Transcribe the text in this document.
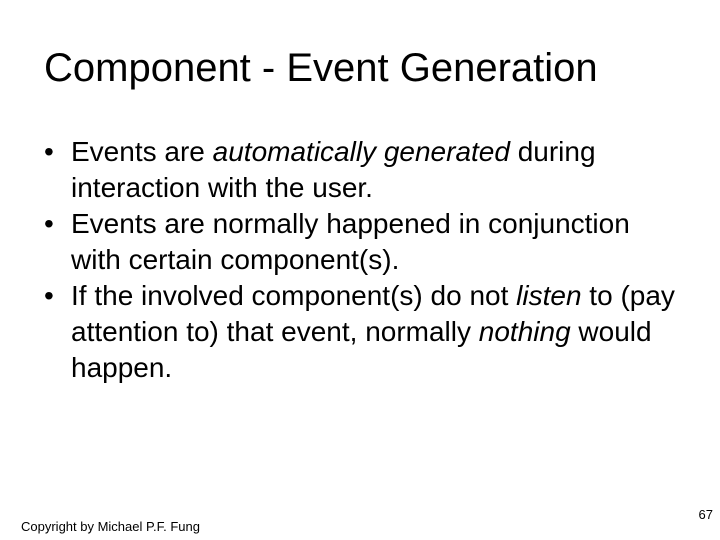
Component - Event Generation
• Events are automatically generated during interaction with the user.
• Events are normally happened in conjunction with certain component(s).
• If the involved component(s) do not listen to (pay attention to) that event, normally nothing would happen.
Copyright by Michael P.F. Fung
67
